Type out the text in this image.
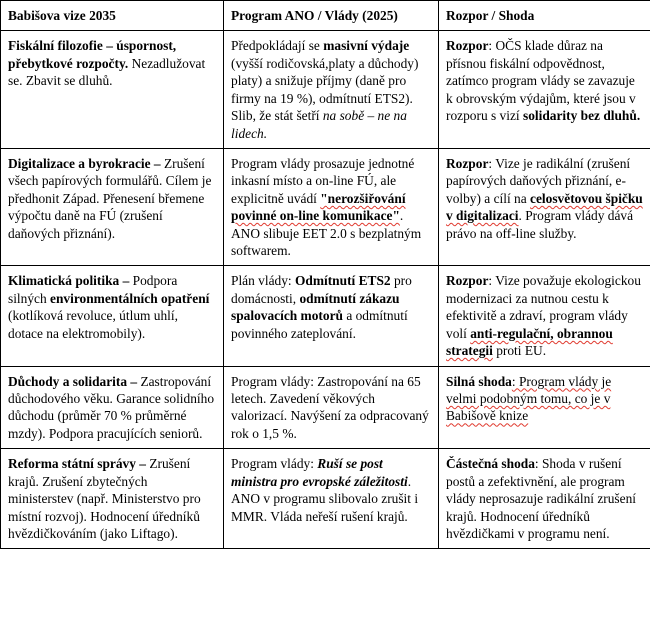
Babišova vize 2035	Program ANO / Vlády (2025)	Rozpor / Shoda
Fiskální filozofie – úspornost, přebytkové rozpočty. Nezadlužovat se. Zbavit se dluhů.	Předpokládají se masivní výdaje (vyšší rodičovská,platy a důchody) platy) a snižuje příjmy (daně pro firmy na 19 %), odmítnutí ETS2). Slib, že stát šetří na sobě – ne na lidech.	Rozpor: OČS klade důraz na přísnou fiskální odpovědnost, zatímco program vlády se zavazuje k obrovským výdajům, které jsou v rozporu s vizí solidarity bez dluhů.
Digitalizace a byrokracie – Zrušení všech papírových formulářů. Cílem je předhonit Západ. Přenesení břemene výpočtu daně na FÚ (zrušení daňových přiznání).	Program vlády prosazuje jednotné inkasní místo a on-line FÚ, ale explicitně uvádí "nerozšiřování povinné on-line komunikace". ANO slibuje EET 2.0 s bezplatným softwarem.	Rozpor: Vize je radikální (zrušení papírových daňových přiznání, e-volby) a cílí na celosvětovou špičku v digitalizaci. Program vlády dává právo na off-line služby.
Klimatická politika – Podpora silných environmentálních opatření (kotlíková revoluce, útlum uhlí, dotace na elektromobily).	Plán vlády: Odmítnutí ETS2 pro domácnosti, odmítnutí zákazu spalovacích motorů a odmítnutí povinného zateplování.	Rozpor: Vize považuje ekologickou modernizaci za nutnou cestu k efektivitě a zdraví, program vlády volí anti-regulační, obrannou strategii proti EU.
Důchody a solidarita – Zastropování důchodového věku. Garance solidního důchodu (průměr 70 % průměrné mzdy). Podpora pracujících seniorů.	Program vlády: Zastropování na 65 letech. Zavedení věkových valorizací. Navýšení za odpracovaný rok o 1,5 %.	Silná shoda: Program vlády je velmi podobným tomu, co je v Babišově knize
Reforma státní správy – Zrušení krajů. Zrušení zbytečných ministerstev (např. Ministerstvo pro místní rozvoj). Hodnocení úředníků hvězdičkováním (jako Liftago).	Program vlády: Ruší se post ministra pro evropské záležitosti. ANO v programu slibovalo zrušit i MMR. Vláda neřeší rušení krajů.	Částečná shoda: Shoda v rušení postů a zefektivnění, ale program vlády neprosazuje radikální zrušení krajů. Hodnocení úředníků hvězdičkami v programu není.
